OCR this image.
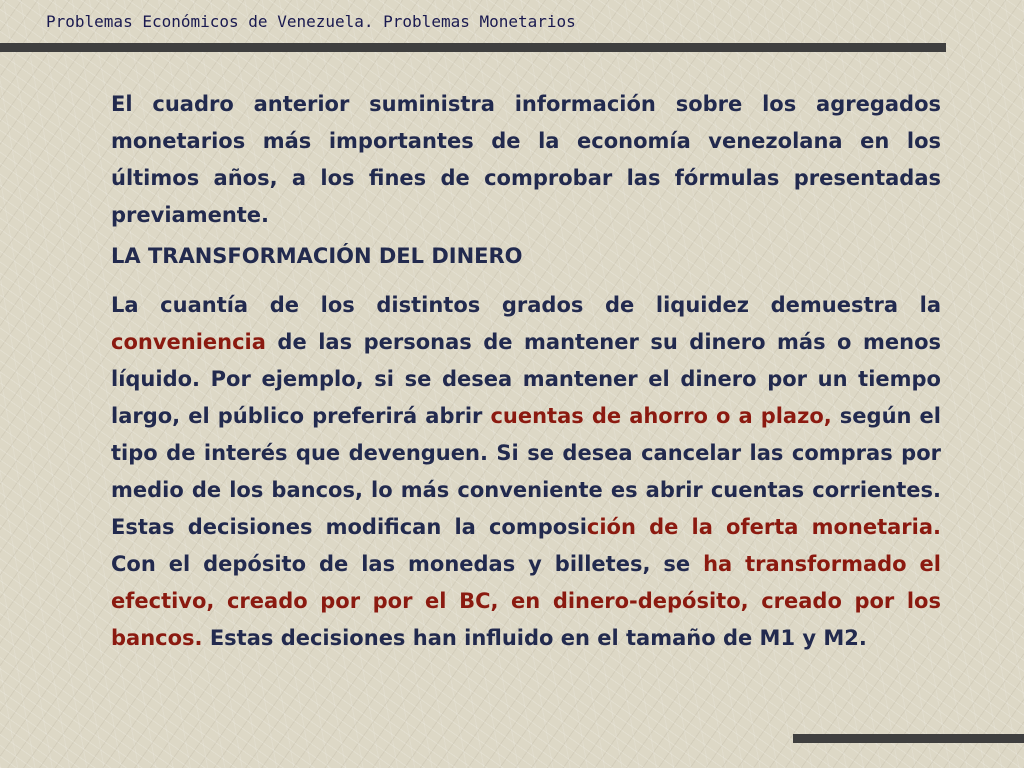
Problemas Económicos de Venezuela. Problemas Monetarios

El cuadro anterior suministra información sobre los agregados monetarios más importantes de la economía venezolana en los últimos años, a los fines de comprobar las fórmulas presentadas previamente.

LA TRANSFORMACIÓN DEL DINERO

La cuantía de los distintos grados de liquidez demuestra la conveniencia de las personas de mantener su dinero más o menos líquido. Por ejemplo, si se desea mantener el dinero por un tiempo largo, el público preferirá abrir cuentas de ahorro o a plazo, según el tipo de interés que devenguen. Si se desea cancelar las compras por medio de los bancos, lo más conveniente es abrir cuentas corrientes. Estas decisiones modifican la composición de la oferta monetaria. Con el depósito de las monedas y billetes, se ha transformado el efectivo, creado por por el BC, en dinero-depósito, creado por los bancos. Estas decisiones han influido en el tamaño de M1 y M2.
